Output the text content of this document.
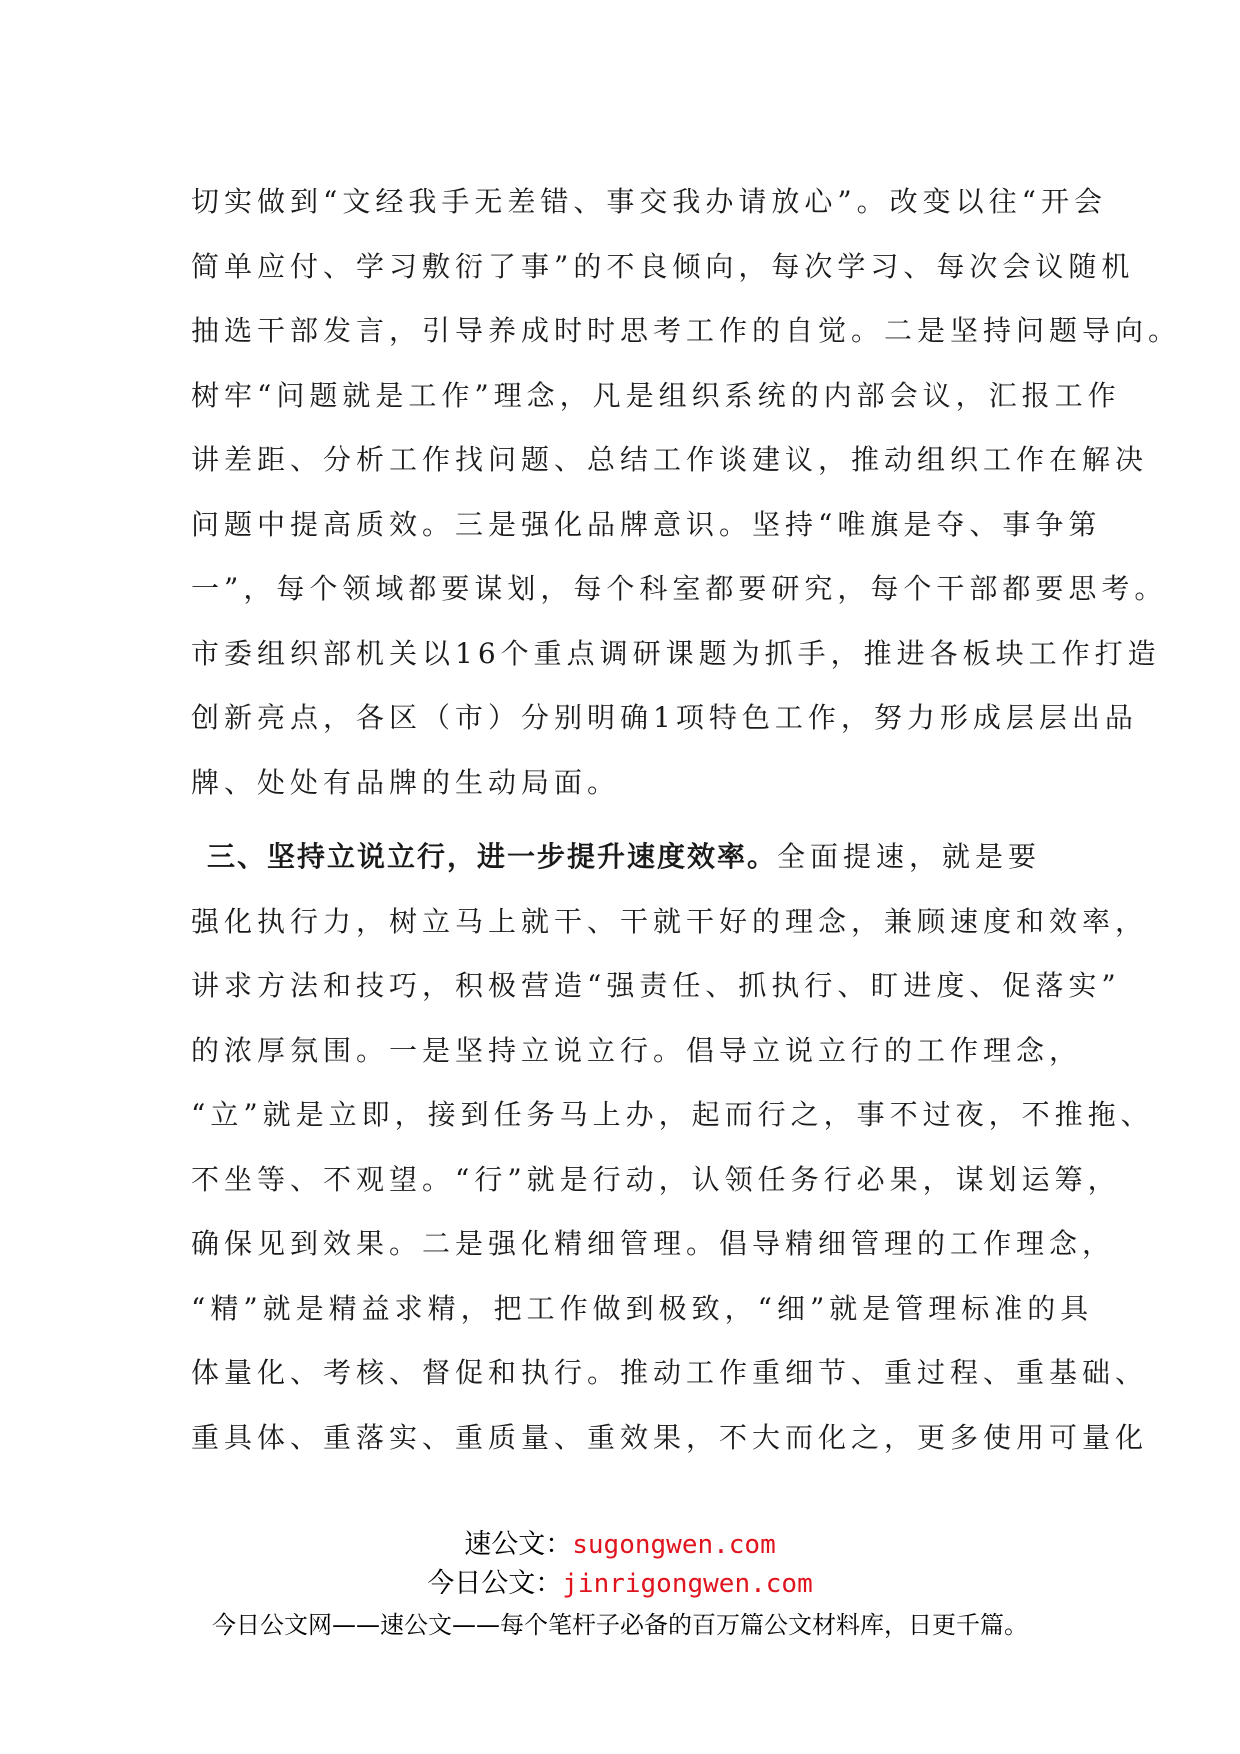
切实做到“文经我手无差错、事交我办请放心”。改变以往“开会
简单应付、学习敷衍了事”的不良倾向，每次学习、每次会议随机
抽选干部发言，引导养成时时思考工作的自觉。二是坚持问题导向。
树牢“问题就是工作”理念，凡是组织系统的内部会议，汇报工作
讲差距、分析工作找问题、总结工作谈建议，推动组织工作在解决
问题中提高质效。三是强化品牌意识。坚持“唯旗是夺、事争第
一”，每个领域都要谋划，每个科室都要研究，每个干部都要思考。
市委组织部机关以16个重点调研课题为抓手，推进各板块工作打造
创新亮点，各区（市）分别明确1项特色工作，努力形成层层出品
牌、处处有品牌的生动局面。
三、坚持立说立行，进一步提升速度效率。全面提速，就是要
强化执行力，树立马上就干、干就干好的理念，兼顾速度和效率，
讲求方法和技巧，积极营造“强责任、抓执行、盯进度、促落实”
的浓厚氛围。一是坚持立说立行。倡导立说立行的工作理念，
“立”就是立即，接到任务马上办，起而行之，事不过夜，不推拖、
不坐等、不观望。“行”就是行动，认领任务行必果，谋划运筹，
确保见到效果。二是强化精细管理。倡导精细管理的工作理念，
“精”就是精益求精，把工作做到极致，“细”就是管理标准的具
体量化、考核、督促和执行。推动工作重细节、重过程、重基础、
重具体、重落实、重质量、重效果，不大而化之，更多使用可量化
速公文：sugongwen.com
今日公文：jinrigongwen.com
今日公文网——速公文——每个笔杆子必备的百万篇公文材料库，日更千篇。
